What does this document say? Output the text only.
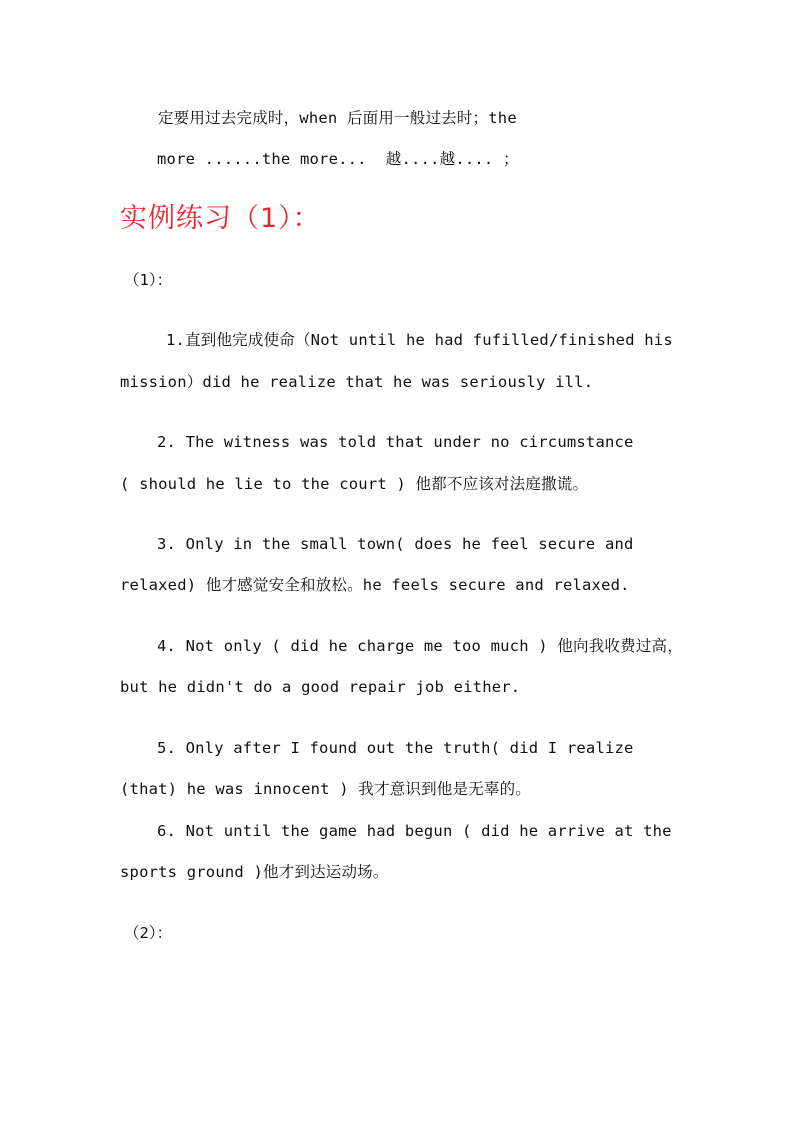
定要用过去完成时，when 后面用一般过去时；the
more ......the more...  越....越.... ；
实例练习（1）：
（1）：
1.直到他完成使命（Not until he had fufilled/finished his
mission）did he realize that he was seriously ill.
2. The witness was told that under no circumstance
( should he lie to the court ) 他都不应该对法庭撒谎。
3. Only in the small town( does he feel secure and
relaxed) 他才感觉安全和放松。he feels secure and relaxed.
4. Not only ( did he charge me too much ) 他向我收费过高，
but he didn't do a good repair job either.
5. Only after I found out the truth( did I realize
(that) he was innocent ) 我才意识到他是无辜的。
6. Not until the game had begun ( did he arrive at the
sports ground )他才到达运动场。
（2）：
